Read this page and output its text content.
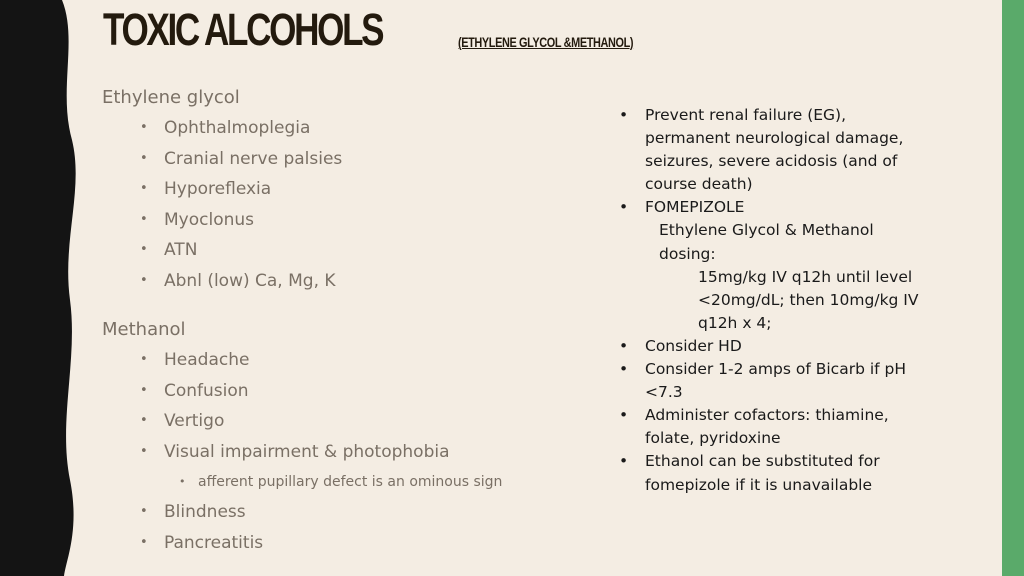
TOXIC ALCOHOLS	(ETHYLENE GLYCOL &METHANOL)
Ethylene glycol
• Ophthalmoplegia
• Cranial nerve palsies
• Hyporeflexia
• Myoclonus
• ATN
• Abnl (low) Ca, Mg, K
Methanol
• Headache
• Confusion
• Vertigo
• Visual impairment & photophobia
• afferent pupillary defect is an ominous sign
• Blindness
• Pancreatitis
• Prevent renal failure (EG), permanent neurological damage, seizures, severe acidosis (and of course death)
• FOMEPIZOLE
Ethylene Glycol & Methanol dosing:
15mg/kg IV q12h until level <20mg/dL; then 10mg/kg IV q12h x 4;
• Consider HD
• Consider 1-2 amps of Bicarb if pH <7.3
• Administer cofactors: thiamine, folate, pyridoxine
• Ethanol can be substituted for fomepizole if it is unavailable
